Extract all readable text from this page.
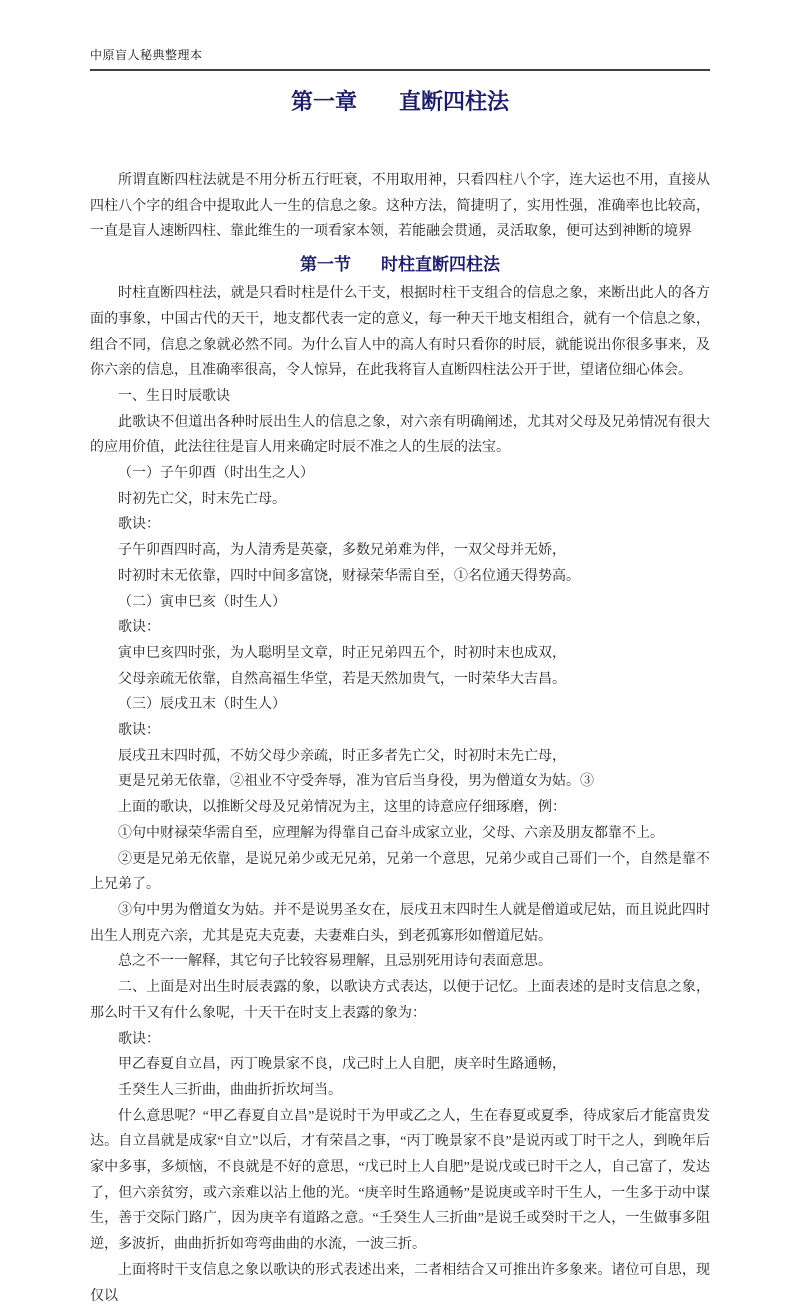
中原盲人秘典整理本
第一章 直断四柱法

所谓直断四柱法就是不用分析五行旺衰，不用取用神，只看四柱八个字，连大运也不用，直接从四柱八个字的组合中提取此人一生的信息之象。这种方法，简捷明了，实用性强，准确率也比较高，一直是盲人速断四柱、靠此维生的一项看家本领，若能融会贯通，灵活取象，便可达到神断的境界

第一节 时柱直断四柱法

时柱直断四柱法，就是只看时柱是什么干支，根据时柱干支组合的信息之象，来断出此人的各方面的事象，中国古代的天干，地支都代表一定的意义，每一种天干地支相组合，就有一个信息之象，组合不同，信息之象就必然不同。为什么盲人中的高人有时只看你的时辰，就能说出你很多事来，及你六亲的信息，且准确率很高，令人惊异，在此我将盲人直断四柱法公开于世，望诸位细心体会。

一、生日时辰歌诀

此歌诀不但道出各种时辰出生人的信息之象，对六亲有明确阐述，尤其对父母及兄弟情况有很大的应用价值，此法往往是盲人用来确定时辰不准之人的生辰的法宝。

（一）子午卯酉（时出生之人）

时初先亡父，时末先亡母。

歌诀：

子午卯酉四时高，为人清秀是英豪，多数兄弟难为伴，一双父母并无娇，

时初时末无依靠，四时中间多富饶，财禄荣华需自至，①名位通天得势高。

（二）寅申巳亥（时生人）

歌诀：

寅申巳亥四时张，为人聪明呈文章，时正兄弟四五个，时初时末也成双，

父母亲疏无依靠，自然高福生华堂，若是天然加贵气，一时荣华大吉昌。

（三）辰戌丑末（时生人）

歌诀：

辰戌丑末四时孤，不妨父母少亲疏，时正多者先亡父，时初时末先亡母，

更是兄弟无依靠，②祖业不守受奔辱，准为官后当身役，男为僧道女为姑。③

上面的歌诀，以推断父母及兄弟情况为主，这里的诗意应仔细琢磨，例：

①句中财禄荣华需自至，应理解为得靠自己奋斗成家立业，父母、六亲及朋友都靠不上。

②更是兄弟无依靠，是说兄弟少或无兄弟，兄弟一个意思，兄弟少或自己哥们一个，自然是靠不上兄弟了。

③句中男为僧道女为姑。并不是说男圣女在，辰戌丑末四时生人就是僧道或尼姑，而且说此四时出生人刑克六亲，尤其是克夫克妻，夫妻难白头，到老孤寡形如僧道尼姑。

总之不一一解释，其它句子比较容易理解，且忌别死用诗句表面意思。

二、上面是对出生时辰表露的象，以歌诀方式表达，以便于记忆。上面表述的是时支信息之象，那么时干又有什么象呢，十天干在时支上表露的象为：

歌诀：

甲乙春夏自立昌，丙丁晚景家不良，戊己时上人自肥，庚辛时生路通畅，

壬癸生人三折曲，曲曲折折坎坷当。

什么意思呢？“甲乙春夏自立昌”是说时干为甲或乙之人，生在春夏或夏季，待成家后才能富贵发达。自立昌就是成家“自立”以后，才有荣昌之事，“丙丁晚景家不良”是说丙或丁时干之人，到晚年后家中多事，多烦恼，不良就是不好的意思，“戊已时上人自肥”是说戊或已时干之人，自己富了，发达了，但六亲贫穷，或六亲难以沾上他的光。“庚辛时生路通畅”是说庚或辛时干生人，一生多于动中谋生，善于交际门路广，因为庚辛有道路之意。“壬癸生人三折曲”是说壬或癸时干之人，一生做事多阻逆，多波折，曲曲折折如弯弯曲曲的水流，一波三折。

上面将时干支信息之象以歌诀的形式表述出来，二者相结合又可推出许多象来。诸位可自思，现仅以
